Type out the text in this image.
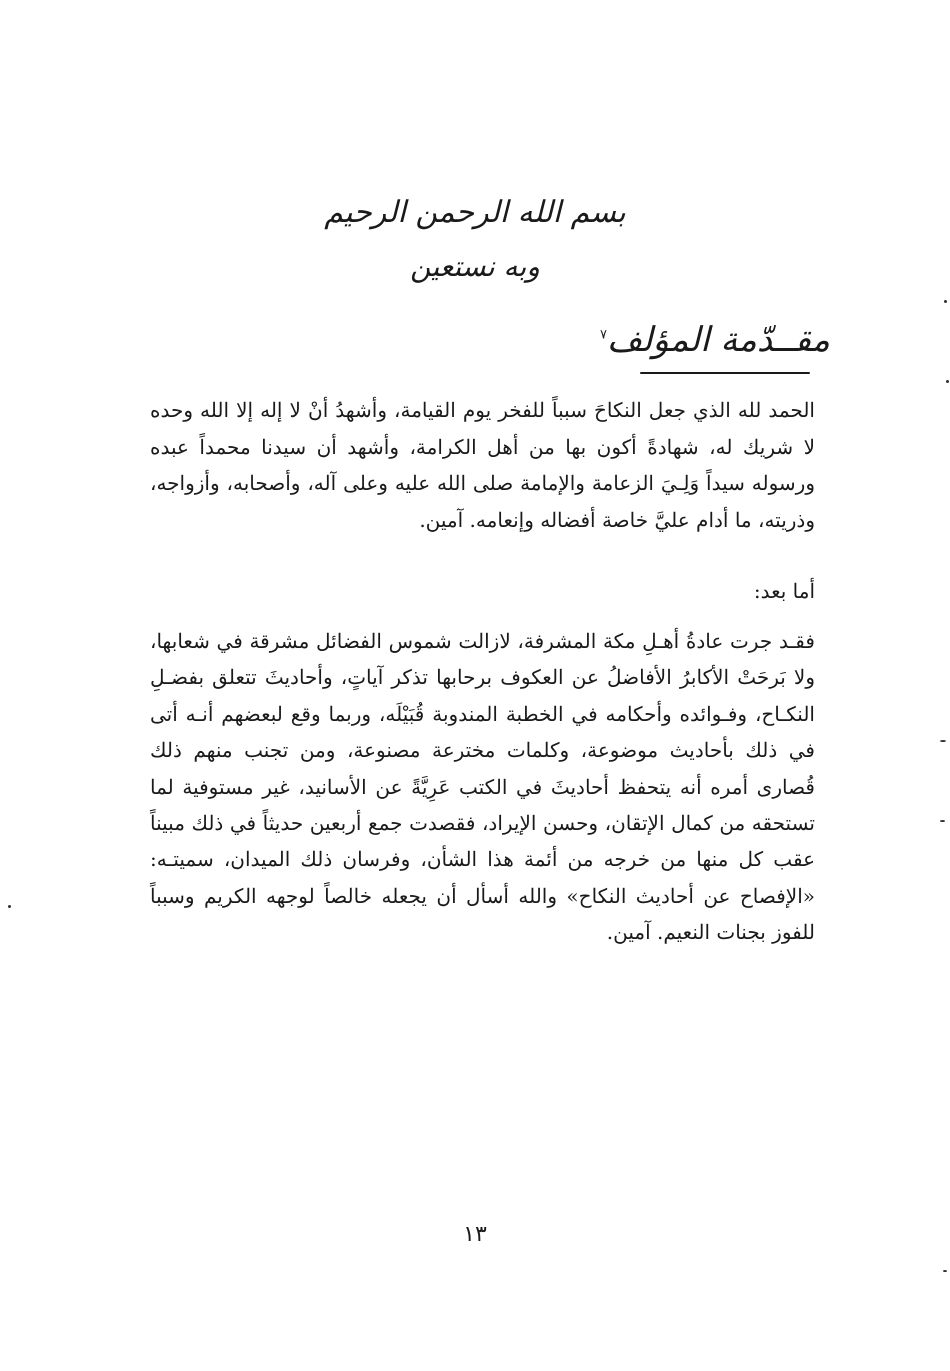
بسم الله الرحمن الرحيم
وبه نستعين
مقــدّمة المؤلف$^٧$

الحمد لله الذي جعل النكاحَ سبباً للفخر يوم القيامة، وأشهدُ أنْ لا إله إلا الله وحده لا شريك له، شهادةً أكون بها من أهل الكرامة، وأشهد أن سيدنا محمداً عبده ورسوله سيداً وَلِـيَ الزعامة والإمامة صلى الله عليه وعلى آله، وأصحابه، وأزواجه، وذريته، ما أدام عليَّ خاصة أفضاله وإنعامه. آمين.

أما بعد:

فقـد جرت عادةُ أهـلِ مكة المشرفة، لازالت شموس الفضائل مشرقة في شعابها، ولا بَرحَتْ الأكابرُ الأفاضلُ عن العكوف برحابها تذكر آياتٍ، وأحاديثَ تتعلق بفضـلِ النكـاح، وفـوائده وأحكامه في الخطبة المندوبة قُبَيْلَه، وربما وقع لبعضهم أنـه أتى في ذلك بأحاديث موضوعة، وكلمات مخترعة مصنوعة، ومن تجنب منهم ذلك قُصارى أمره أنه يتحفظ أحاديثَ في الكتب عَرِيَّةً عن الأسانيد، غير مستوفية لما تستحقه من كمال الإتقان، وحسن الإيراد، فقصدت جمع أربعين حديثاً في ذلك مبيناً عقب كل منها من خرجه من أئمة هذا الشأن، وفرسان ذلك الميدان، سميتـه: «الإفصاح عن أحاديث النكاح» والله أسأل أن يجعله خالصاً لوجهه الكريم وسبباً للفوز بجنات النعيم. آمين.

١٣
